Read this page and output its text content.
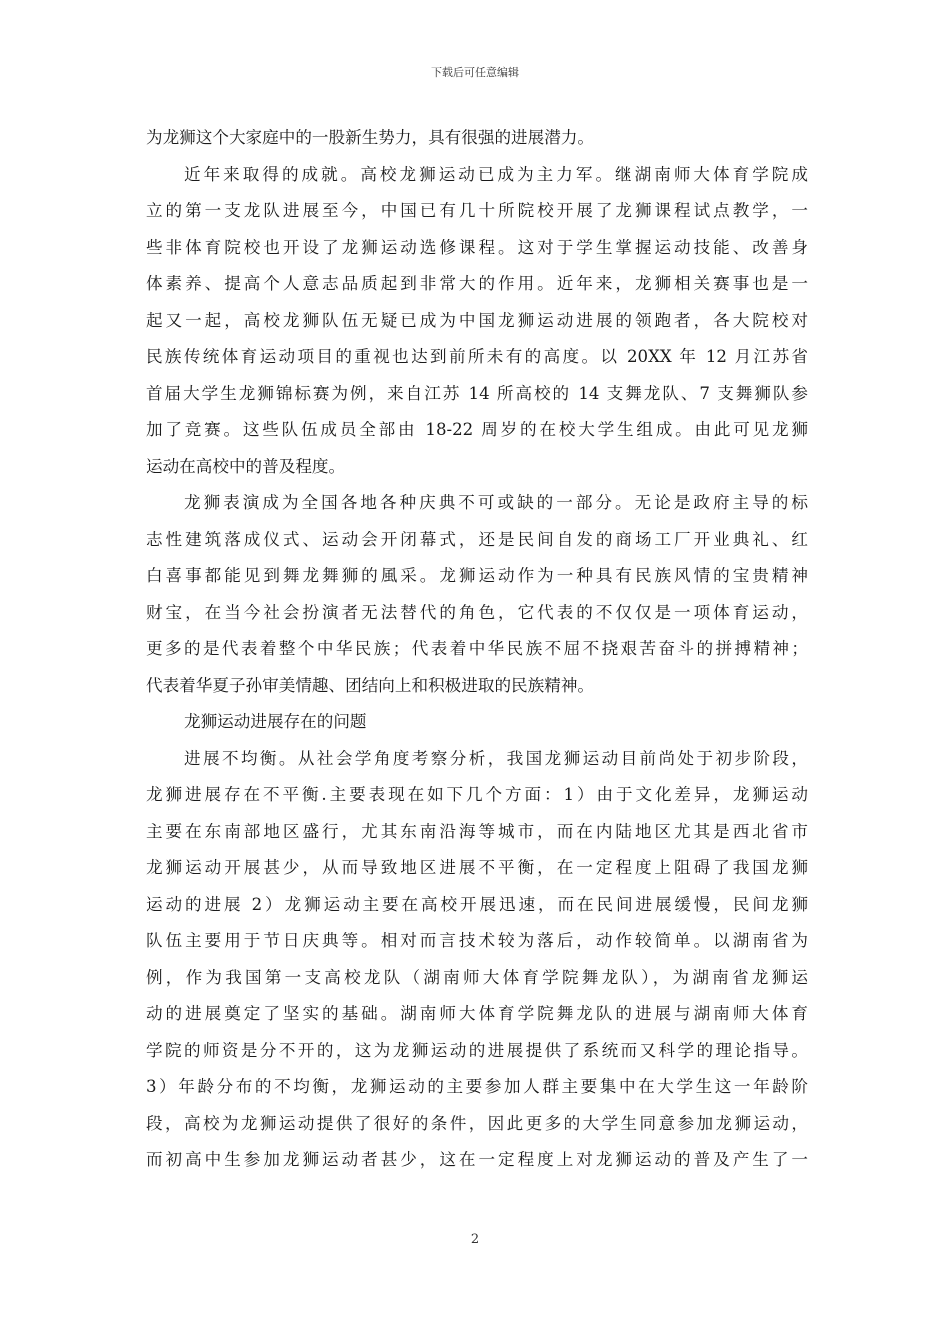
下载后可任意编辑
为龙狮这个大家庭中的一股新生势力，具有很强的进展潜力。
近年来取得的成就。高校龙狮运动已成为主力军。继湖南师大体育学院成
立的第一支龙队进展至今，中国已有几十所院校开展了龙狮课程试点教学，一
些非体育院校也开设了龙狮运动选修课程。这对于学生掌握运动技能、改善身
体素养、提高个人意志品质起到非常大的作用。近年来，龙狮相关赛事也是一
起又一起，高校龙狮队伍无疑已成为中国龙狮运动进展的领跑者，各大院校对
民族传统体育运动项目的重视也达到前所未有的高度。以 20XX 年 12 月江苏省
首届大学生龙狮锦标赛为例，来自江苏 14 所高校的 14 支舞龙队、7 支舞狮队参
加了竞赛。这些队伍成员全部由 18-22 周岁的在校大学生组成。由此可见龙狮
运动在高校中的普及程度。
龙狮表演成为全国各地各种庆典不可或缺的一部分。无论是政府主导的标
志性建筑落成仪式、运动会开闭幕式，还是民间自发的商场工厂开业典礼、红
白喜事都能见到舞龙舞狮的風采。龙狮运动作为一种具有民族风情的宝贵精神
财宝，在当今社会扮演者无法替代的角色，它代表的不仅仅是一项体育运动，
更多的是代表着整个中华民族；代表着中华民族不屈不挠艰苦奋斗的拼搏精神；
代表着华夏子孙审美情趣、团结向上和积极进取的民族精神。
龙狮运动进展存在的问题
进展不均衡。从社会学角度考察分析，我国龙狮运动目前尚处于初步阶段，
龙狮进展存在不平衡.主要表现在如下几个方面：1）由于文化差异，龙狮运动
主要在东南部地区盛行，尤其东南沿海等城市，而在内陆地区尤其是西北省市
龙狮运动开展甚少，从而导致地区进展不平衡，在一定程度上阻碍了我国龙狮
运动的进展 2）龙狮运动主要在高校开展迅速，而在民间进展缓慢，民间龙狮
队伍主要用于节日庆典等。相对而言技术较为落后，动作较简单。以湖南省为
例，作为我国第一支高校龙队（湖南师大体育学院舞龙队），为湖南省龙狮运
动的进展奠定了坚实的基础。湖南师大体育学院舞龙队的进展与湖南师大体育
学院的师资是分不开的，这为龙狮运动的进展提供了系统而又科学的理论指导。
3）年龄分布的不均衡，龙狮运动的主要参加人群主要集中在大学生这一年龄阶
段，高校为龙狮运动提供了很好的条件，因此更多的大学生同意参加龙狮运动，
而初高中生参加龙狮运动者甚少，这在一定程度上对龙狮运动的普及产生了一
2
